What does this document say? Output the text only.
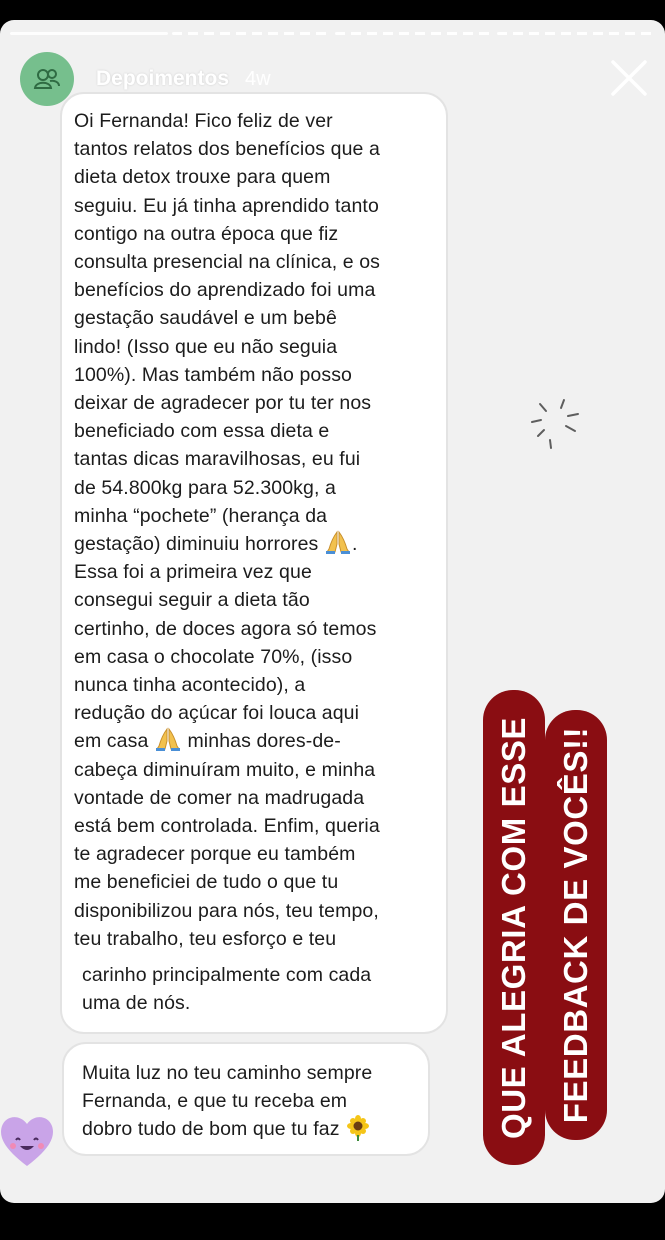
Depoimentos 4w
Oi Fernanda! Fico feliz de ver
tantos relatos dos benefícios que a
dieta detox trouxe para quem
seguiu. Eu já tinha aprendido tanto
contigo na outra época que fiz
consulta presencial na clínica, e os
benefícios do aprendizado foi uma
gestação saudável e um bebê
lindo! (Isso que eu não seguia
100%). Mas também não posso
deixar de agradecer por tu ter nos
beneficiado com essa dieta e
tantas dicas maravilhosas, eu fui
de 54.800kg para 52.300kg, a
minha “pochete” (herança da
gestação) diminuiu horrores .
Essa foi a primeira vez que
consegui seguir a dieta tão
certinho, de doces agora só temos
em casa o chocolate 70%, (isso
nunca tinha acontecido), a
redução do açúcar foi louca aqui
em casa minhas dores-de-
cabeça diminuíram muito, e minha
vontade de comer na madrugada
está bem controlada. Enfim, queria
te agradecer porque eu também
me beneficiei de tudo o que tu
disponibilizou para nós, teu tempo,
teu trabalho, teu esforço e teu
carinho principalmente com cada
uma de nós.
Muita luz no teu caminho sempre
Fernanda, e que tu receba em
dobro tudo de bom que tu faz	QUE ALEGRIA COM ESSE FEEDBACK DE VOCÊS!!
